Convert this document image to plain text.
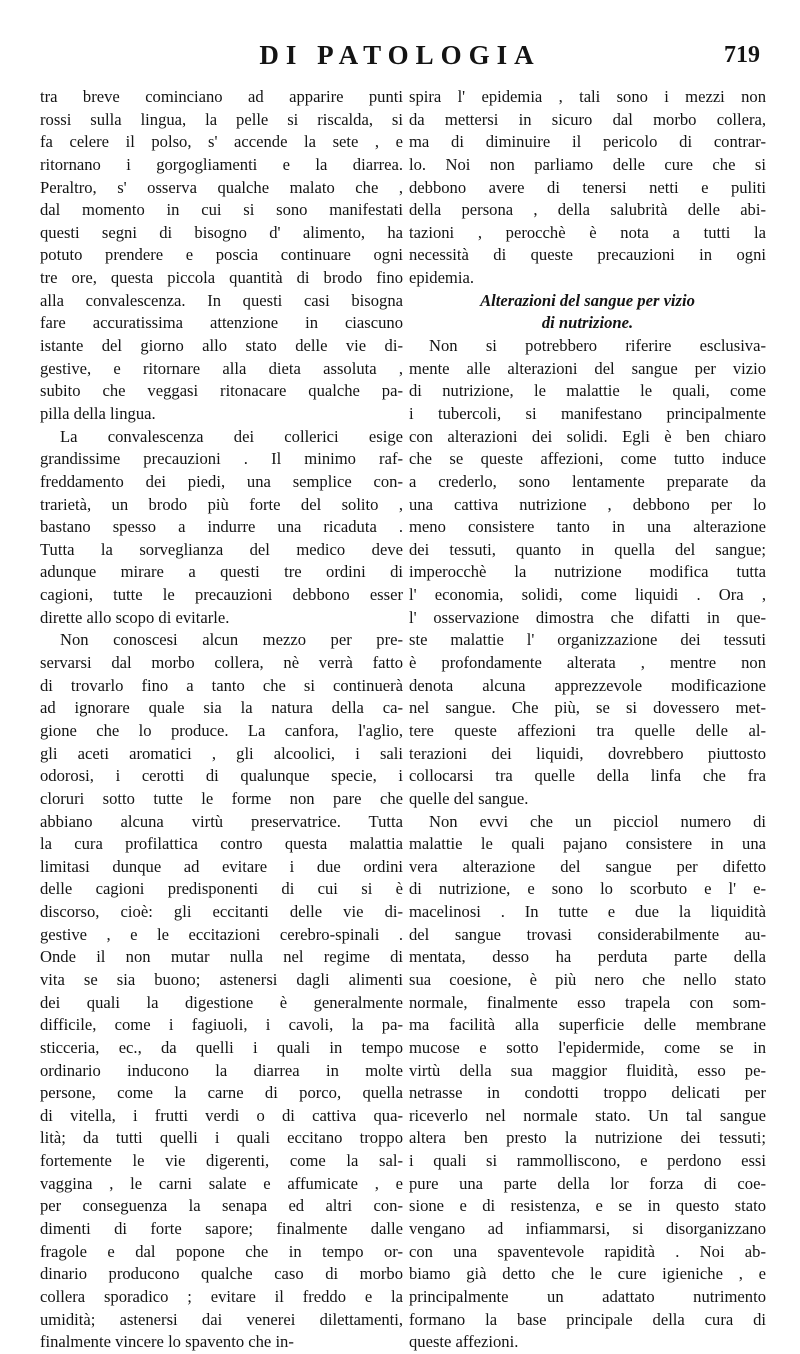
DI PATOLOGIA	719
tra breve cominciano ad apparire punti
rossi sulla lingua, la pelle si riscalda, si
fa celere il polso, s' accende la sete , e
ritornano i gorgogliamenti e la diarrea.
Peraltro, s' osserva qualche malato che ,
dal momento in cui si sono manifestati
questi segni di bisogno d' alimento, ha
potuto prendere e poscia continuare ogni
tre ore, questa piccola quantità di brodo fino
alla convalescenza. In questi casi bisogna
fare accuratissima attenzione in ciascuno
istante del giorno allo stato delle vie di-
gestive, e ritornare alla dieta assoluta ,
subito che veggasi ritonacare qualche pa-
pilla della lingua.
La convalescenza dei collerici esige
grandissime precauzioni . Il minimo raf-
freddamento dei piedi, una semplice con-
trarietà, un brodo più forte del solito ,
bastano spesso a indurre una ricaduta .
Tutta la sorveglianza del medico deve
adunque mirare a questi tre ordini di
cagioni, tutte le precauzioni debbono esser
dirette allo scopo di evitarle.
Non conoscesi alcun mezzo per pre-
servarsi dal morbo collera, nè verrà fatto
di trovarlo fino a tanto che si continuerà
ad ignorare quale sia la natura della ca-
gione che lo produce. La canfora, l'aglio,
gli aceti aromatici , gli alcoolici, i sali
odorosi, i cerotti di qualunque specie, i
cloruri sotto tutte le forme non pare che
abbiano alcuna virtù preservatrice. Tutta
la cura profilattica contro questa malattia
limitasi dunque ad evitare i due ordini
delle cagioni predisponenti di cui si è
discorso, cioè: gli eccitanti delle vie di-
gestive , e le eccitazioni cerebro-spinali .
Onde il non mutar nulla nel regime di
vita se sia buono; astenersi dagli alimenti
dei quali la digestione è generalmente
difficile, come i fagiuoli, i cavoli, la pa-
sticceria, ec., da quelli i quali in tempo
ordinario inducono la diarrea in molte
persone, come la carne di porco, quella
di vitella, i frutti verdi o di cattiva qua-
lità; da tutti quelli i quali eccitano troppo
fortemente le vie digerenti, come la sal-
vaggina , le carni salate e affumicate , e
per conseguenza la senapa ed altri con-
dimenti di forte sapore; finalmente dalle
fragole e dal popone che in tempo or-
dinario producono qualche caso di morbo
collera sporadico ; evitare il freddo e la
umidità; astenersi dai venerei dilettamenti,
finalmente vincere lo spavento che in-
spira l' epidemia , tali sono i mezzi non
da mettersi in sicuro dal morbo collera,
ma di diminuire il pericolo di contrar-
lo. Noi non parliamo delle cure che si
debbono avere di tenersi netti e puliti
della persona , della salubrità delle abi-
tazioni , perocchè è nota a tutti la
necessità di queste precauzioni in ogni
epidemia.
Alterazioni del sangue per vizio
di nutrizione.
Non si potrebbero riferire esclusiva-
mente alle alterazioni del sangue per vizio
di nutrizione, le malattie le quali, come
i tubercoli, si manifestano principalmente
con alterazioni dei solidi. Egli è ben chiaro
che se queste affezioni, come tutto induce
a crederlo, sono lentamente preparate da
una cattiva nutrizione , debbono per lo
meno consistere tanto in una alterazione
dei tessuti, quanto in quella del sangue;
imperocchè la nutrizione modifica tutta
l' economia, solidi, come liquidi . Ora ,
l' osservazione dimostra che difatti in que-
ste malattie l' organizzazione dei tessuti
è profondamente alterata , mentre non
denota alcuna apprezzevole modificazione
nel sangue. Che più, se si dovessero met-
tere queste affezioni tra quelle delle al-
terazioni dei liquidi, dovrebbero piuttosto
collocarsi tra quelle della linfa che fra
quelle del sangue.
Non evvi che un picciol numero di
malattie le quali pajano consistere in una
vera alterazione del sangue per difetto
di nutrizione, e sono lo scorbuto e l' e-
macelinosi . In tutte e due la liquidità
del sangue trovasi considerabilmente au-
mentata, desso ha perduta parte della
sua coesione, è più nero che nello stato
normale, finalmente esso trapela con som-
ma facilità alla superficie delle membrane
mucose e sotto l'epidermide, come se in
virtù della sua maggior fluidità, esso pe-
netrasse in condotti troppo delicati per
riceverlo nel normale stato. Un tal sangue
altera ben presto la nutrizione dei tessuti;
i quali si rammolliscono, e perdono essi
pure una parte della lor forza di coe-
sione e di resistenza, e se in questo stato
vengano ad infiammarsi, si disorganizzano
con una spaventevole rapidità . Noi ab-
biamo già detto che le cure igieniche , e
principalmente un adattato nutrimento
formano la base principale della cura di
queste affezioni.
